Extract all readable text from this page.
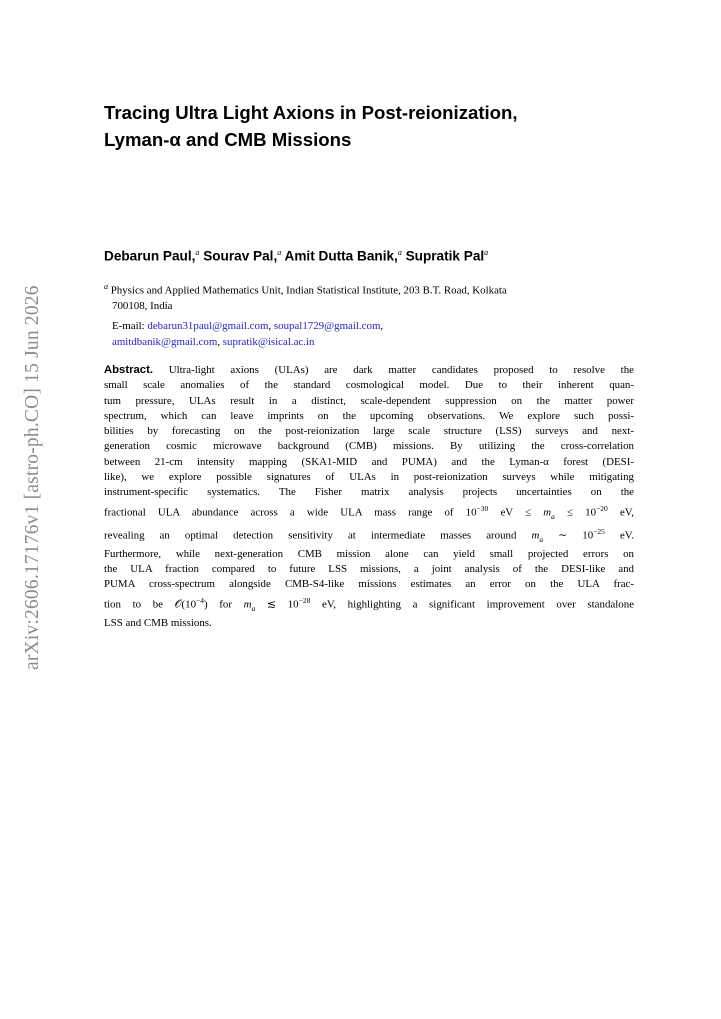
arXiv:2606.17176v1 [astro-ph.CO] 15 Jun 2026
Tracing Ultra Light Axions in Post-reionization,
Lyman-α and CMB Missions
Debarun Paul,$^a$ Sourav Pal,$^a$ Amit Dutta Banik,$^a$ Supratik Pal$^a$
$^a$ Physics and Applied Mathematics Unit, Indian Statistical Institute, 203 B.T. Road, Kolkata
700108, India
E-mail: debarun31paul@gmail.com, soupal1729@gmail.com,
amitdbanik@gmail.com, supratik@isical.ac.in
Abstract. Ultra-light axions (ULAs) are dark matter candidates proposed to resolve the
small scale anomalies of the standard cosmological model. Due to their inherent quan-
tum pressure, ULAs result in a distinct, scale-dependent suppression on the matter power
spectrum, which can leave imprints on the upcoming observations. We explore such possi-
bilities by forecasting on the post-reionization large scale structure (LSS) surveys and next-
generation cosmic microwave background (CMB) missions. By utilizing the cross-correlation
between 21-cm intensity mapping (SKA1-MID and PUMA) and the Lyman-α forest (DESI-
like), we explore possible signatures of ULAs in post-reionization surveys while mitigating
instrument-specific systematics. The Fisher matrix analysis projects uncertainties on the
fractional ULA abundance across a wide ULA mass range of $10^{-30}$ eV ≤ $m_a \le 10^{-20}$ eV,
revealing an optimal detection sensitivity at intermediate masses around $m_a$ ∼ $10^{-25}$ eV.
Furthermore, while next-generation CMB mission alone can yield small projected errors on
the ULA fraction compared to future LSS missions, a joint analysis of the DESI-like and
PUMA cross-spectrum alongside CMB-S4-like missions estimates an error on the ULA frac-
tion to be $𝒪(10^{-4})$ for $m_a$ ≲ $10^{-28}$ eV, highlighting a significant improvement over standalone
LSS and CMB missions.
